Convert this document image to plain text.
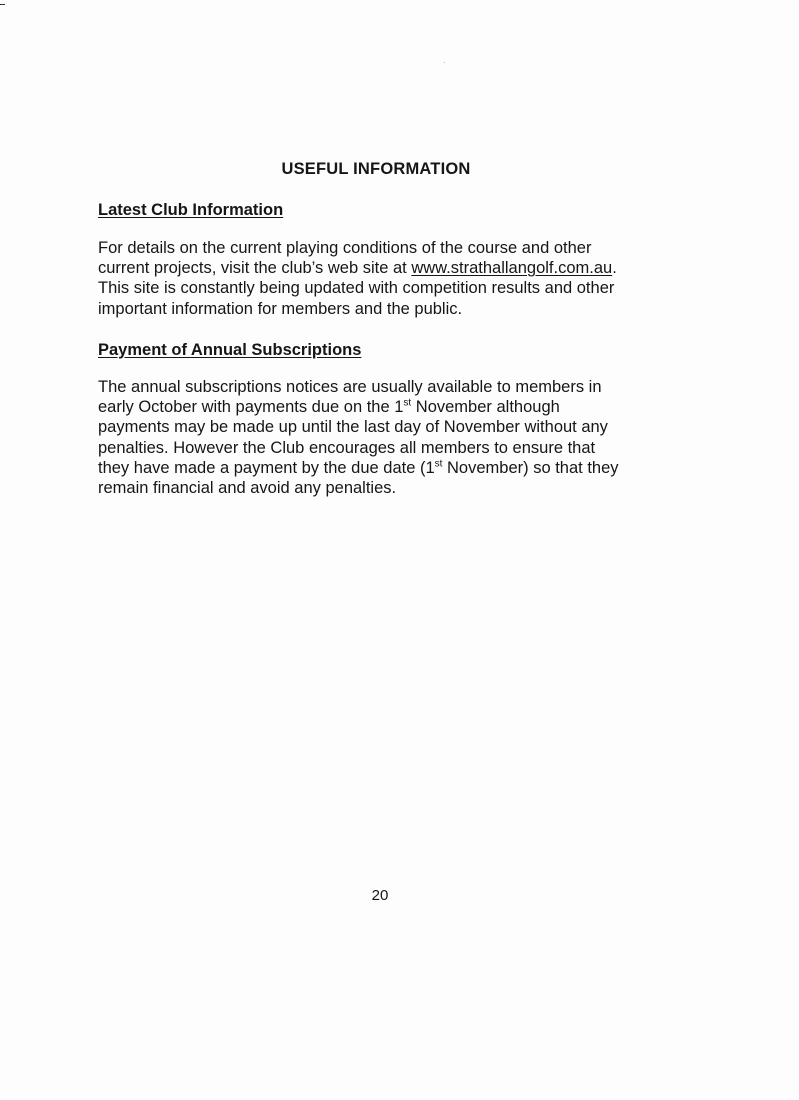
USEFUL INFORMATION
Latest Club Information

For details on the current playing conditions of the course and other
current projects, visit the club’s web site at www.strathallangolf.com.au.
This site is constantly being updated with competition results and other
important information for members and the public.

Payment of Annual Subscriptions

The annual subscriptions notices are usually available to members in
early October with payments due on the 1st November although
payments may be made up until the last day of November without any
penalties. However the Club encourages all members to ensure that
they have made a payment by the due date (1st November) so that they
remain financial and avoid any penalties.

20
